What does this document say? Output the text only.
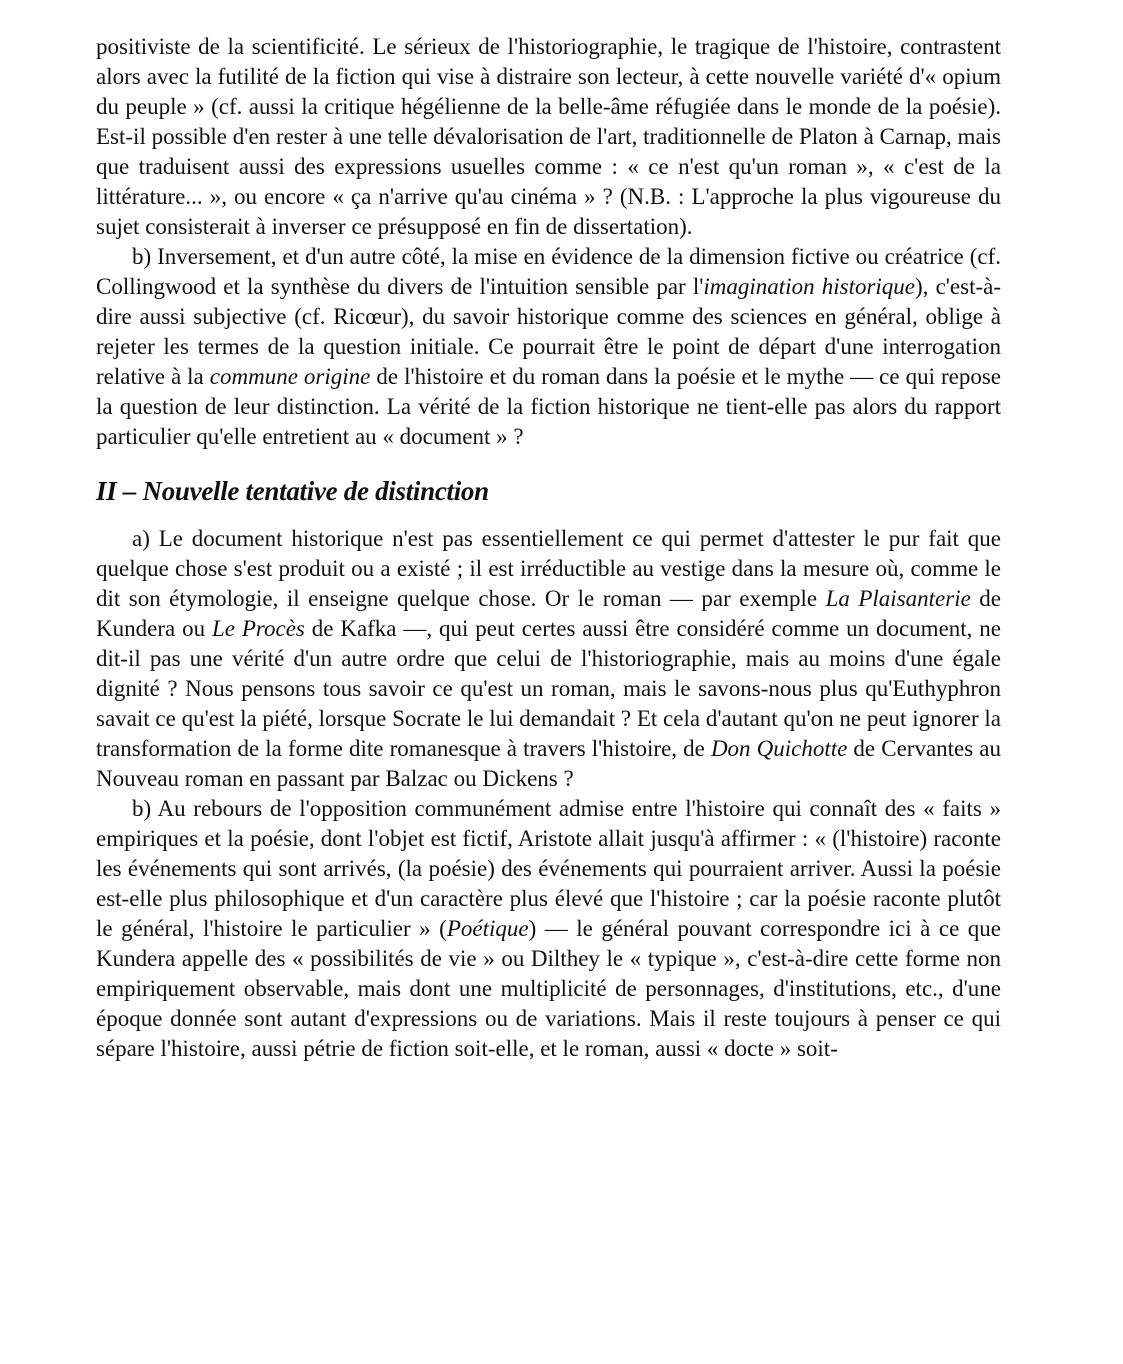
positiviste de la scientificité. Le sérieux de l'historiographie, le tragique de l'histoire, contrastent alors avec la futilité de la fiction qui vise à distraire son lecteur, à cette nouvelle variété d'« opium du peuple » (cf. aussi la critique hégélienne de la belle-âme réfugiée dans le monde de la poésie). Est-il possible d'en rester à une telle dévalorisation de l'art, traditionnelle de Platon à Carnap, mais que traduisent aussi des expressions usuelles comme : « ce n'est qu'un roman », « c'est de la littérature... », ou encore « ça n'arrive qu'au cinéma » ? (N.B. : L'approche la plus vigoureuse du sujet consisterait à inverser ce présupposé en fin de dissertation).

b) Inversement, et d'un autre côté, la mise en évidence de la dimension fictive ou créatrice (cf. Collingwood et la synthèse du divers de l'intuition sensible par l'imagination historique), c'est-à-dire aussi subjective (cf. Ricœur), du savoir historique comme des sciences en général, oblige à rejeter les termes de la question initiale. Ce pourrait être le point de départ d'une interrogation relative à la commune origine de l'histoire et du roman dans la poésie et le mythe — ce qui repose la question de leur distinction. La vérité de la fiction historique ne tient-elle pas alors du rapport particulier qu'elle entretient au « document » ?

II – Nouvelle tentative de distinction

a) Le document historique n'est pas essentiellement ce qui permet d'attester le pur fait que quelque chose s'est produit ou a existé ; il est irréductible au vestige dans la mesure où, comme le dit son étymologie, il enseigne quelque chose. Or le roman — par exemple La Plaisanterie de Kundera ou Le Procès de Kafka —, qui peut certes aussi être considéré comme un document, ne dit-il pas une vérité d'un autre ordre que celui de l'historiographie, mais au moins d'une égale dignité ? Nous pensons tous savoir ce qu'est un roman, mais le savons-nous plus qu'Euthyphron savait ce qu'est la piété, lorsque Socrate le lui demandait ? Et cela d'autant qu'on ne peut ignorer la transformation de la forme dite romanesque à travers l'histoire, de Don Quichotte de Cervantes au Nouveau roman en passant par Balzac ou Dickens ?

b) Au rebours de l'opposition communément admise entre l'histoire qui connaît des « faits » empiriques et la poésie, dont l'objet est fictif, Aristote allait jusqu'à affirmer : « (l'histoire) raconte les événements qui sont arrivés, (la poésie) des événements qui pourraient arriver. Aussi la poésie est-elle plus philosophique et d'un caractère plus élevé que l'histoire ; car la poésie raconte plutôt le général, l'histoire le particulier » (Poétique) — le général pouvant correspondre ici à ce que Kundera appelle des « possibilités de vie » ou Dilthey le « typique », c'est-à-dire cette forme non empiriquement observable, mais dont une multiplicité de personnages, d'institutions, etc., d'une époque donnée sont autant d'expressions ou de variations. Mais il reste toujours à penser ce qui sépare l'histoire, aussi pétrie de fiction soit-elle, et le roman, aussi « docte » soit-
